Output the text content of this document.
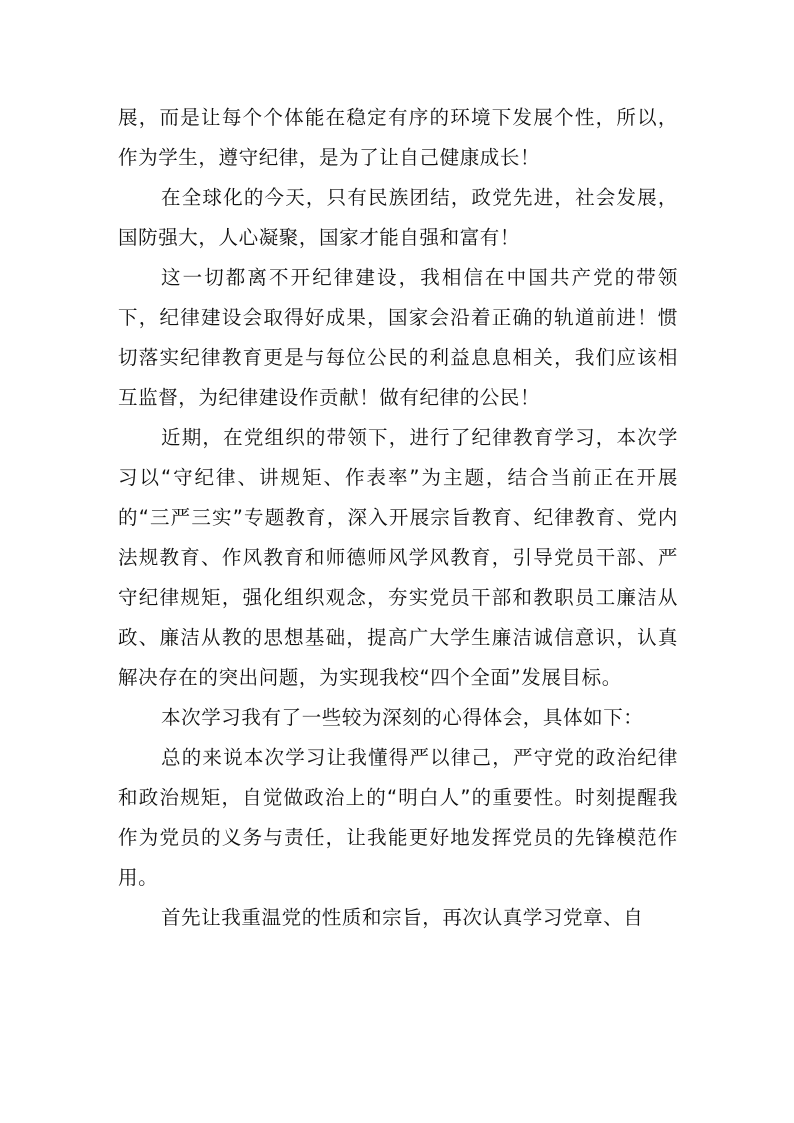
展，而是让每个个体能在稳定有序的环境下发展个性，所以，作为学生，遵守纪律，是为了让自己健康成长！

在全球化的今天，只有民族团结，政党先进，社会发展，国防强大，人心凝聚，国家才能自强和富有！

这一切都离不开纪律建设，我相信在中国共产党的带领下，纪律建设会取得好成果，国家会沿着正确的轨道前进！惯切落实纪律教育更是与每位公民的利益息息相关，我们应该相互监督，为纪律建设作贡献！做有纪律的公民！

近期，在党组织的带领下，进行了纪律教育学习，本次学习以“守纪律、讲规矩、作表率”为主题，结合当前正在开展的“三严三实”专题教育，深入开展宗旨教育、纪律教育、党内法规教育、作风教育和师德师风学风教育，引导党员干部、严守纪律规矩，强化组织观念，夯实党员干部和教职员工廉洁从政、廉洁从教的思想基础，提高广大学生廉洁诚信意识，认真解决存在的突出问题，为实现我校“四个全面”发展目标。

本次学习我有了一些较为深刻的心得体会，具体如下：

总的来说本次学习让我懂得严以律己，严守党的政治纪律和政治规矩，自觉做政治上的“明白人”的重要性。时刻提醒我作为党员的义务与责任，让我能更好地发挥党员的先锋模范作用。

首先让我重温党的性质和宗旨，再次认真学习党章、自
